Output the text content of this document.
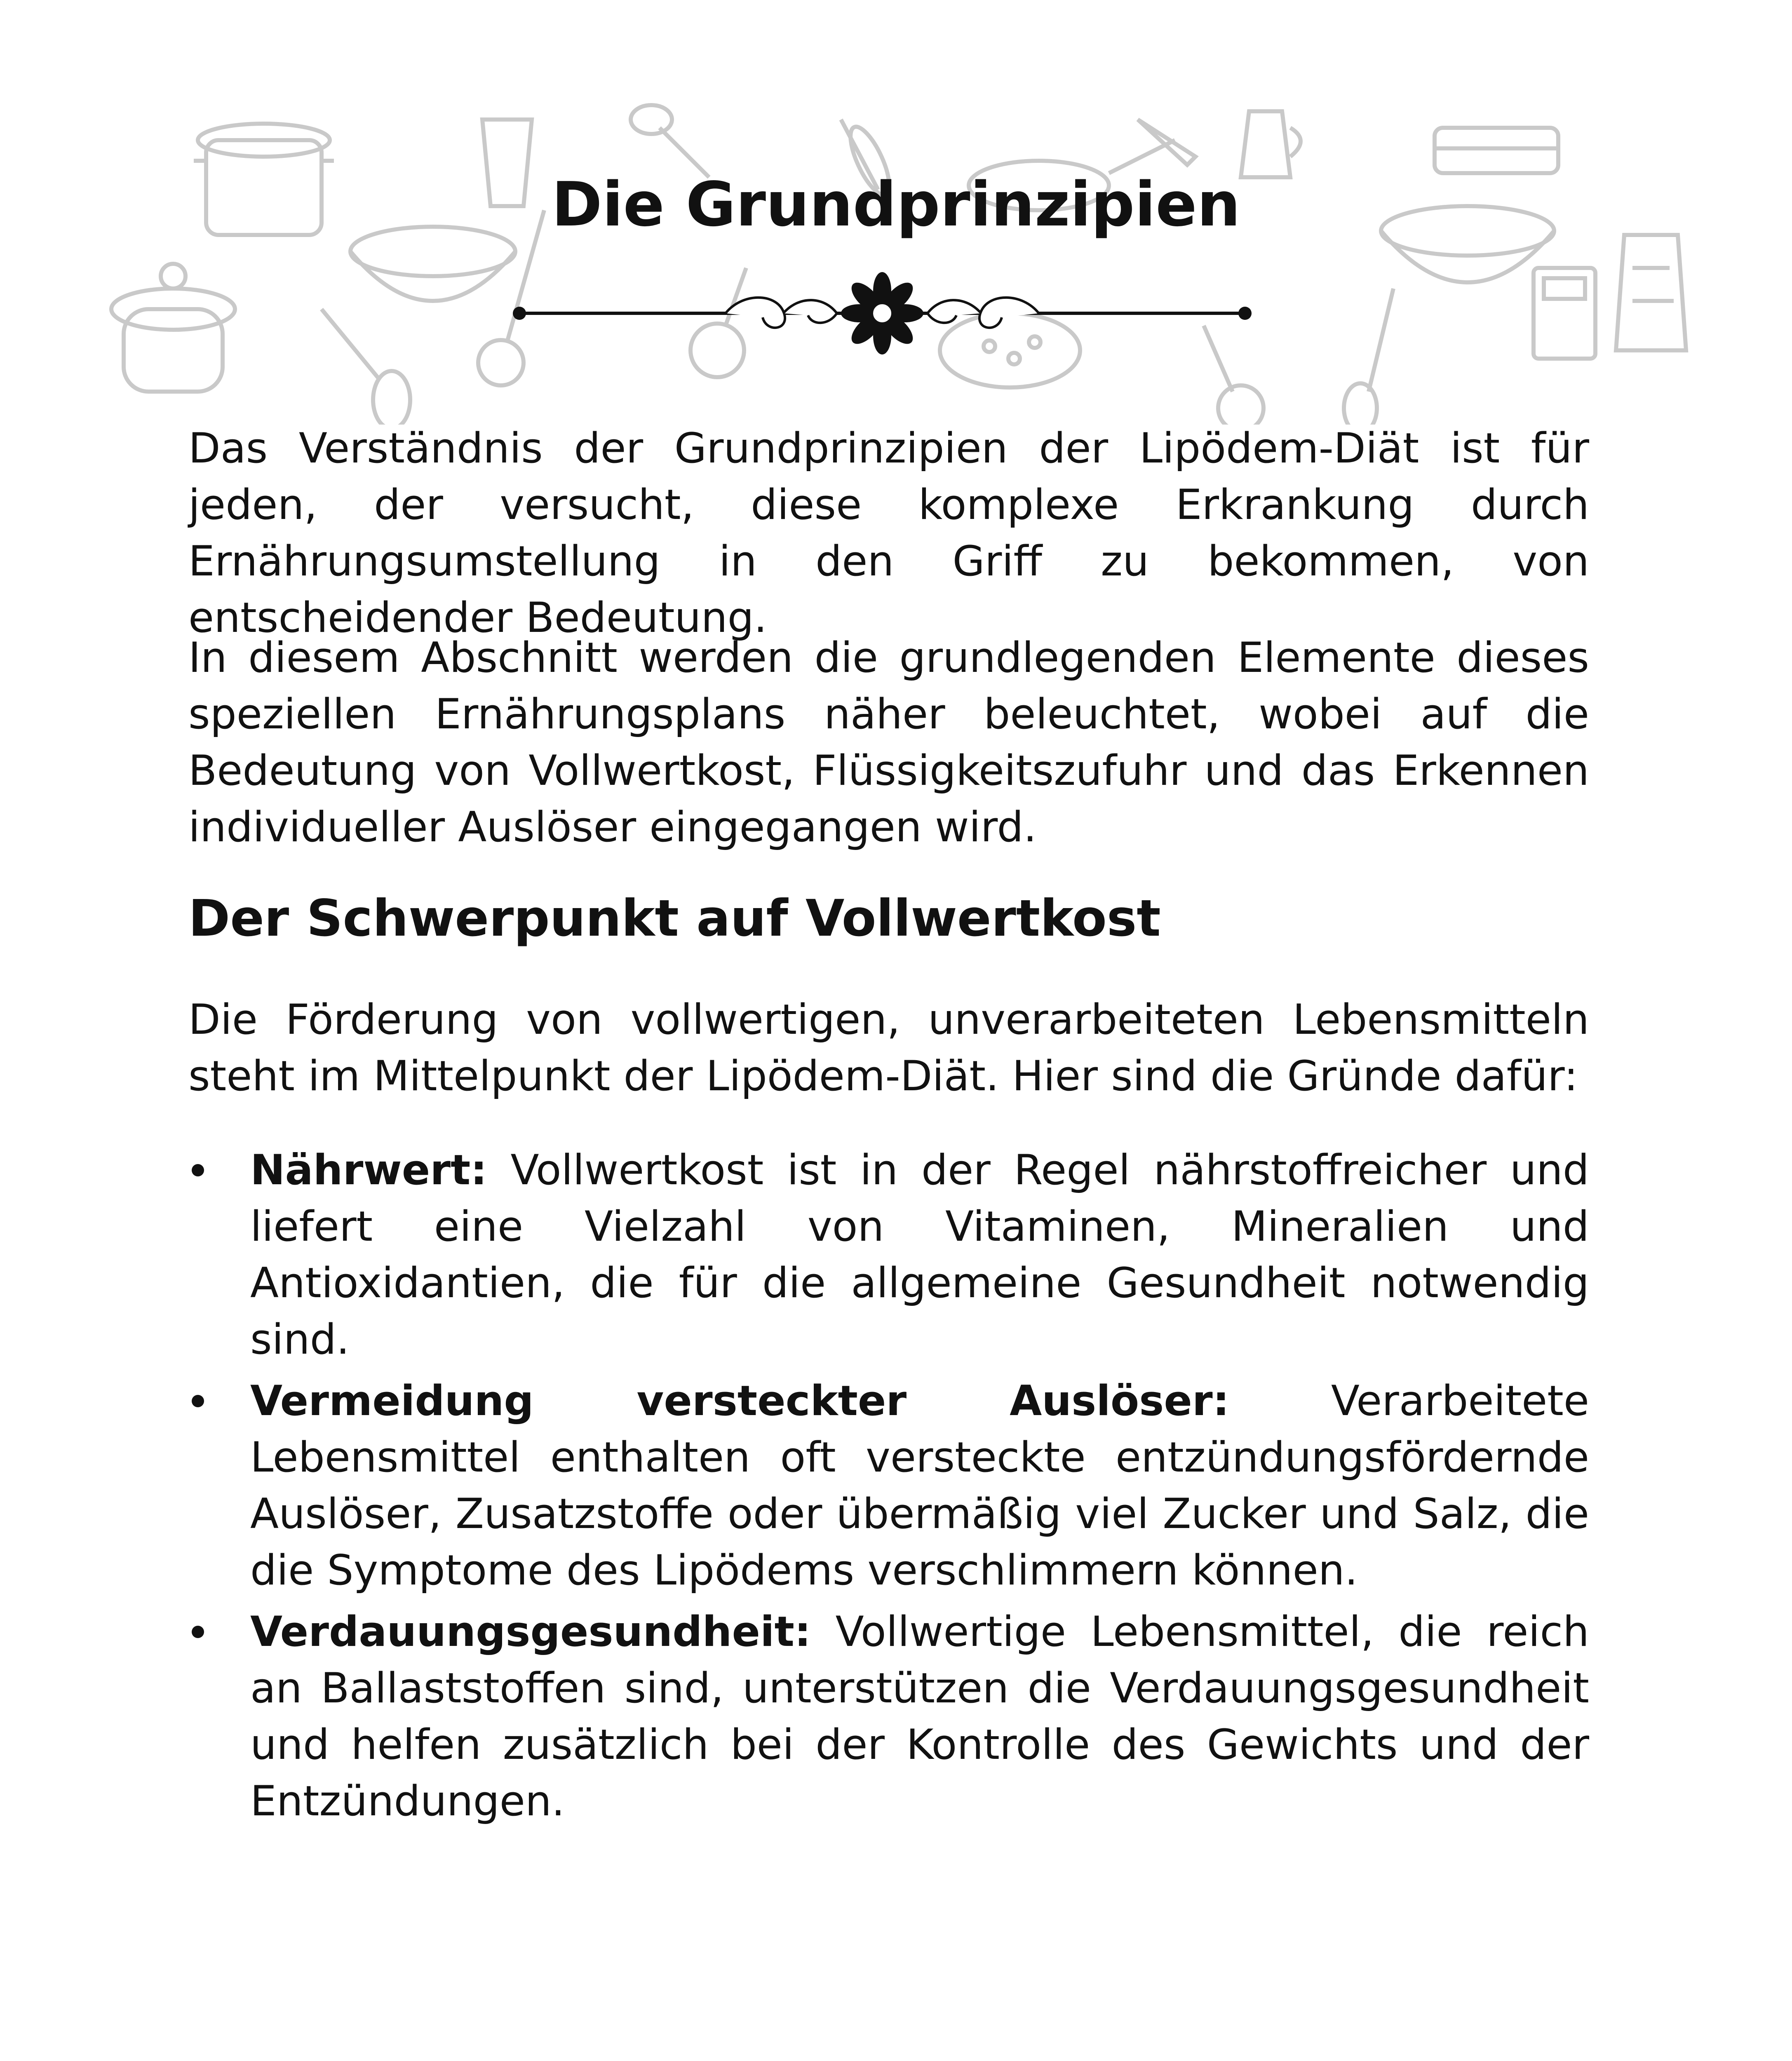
Die Grundprinzipien

Das Verständnis der Grundprinzipien der Lipödem-Diät ist für jeden, der versucht, diese komplexe Erkrankung durch Ernährungsumstellung in den Griff zu bekommen, von entscheidender Bedeutung.

In diesem Abschnitt werden die grundlegenden Elemente dieses speziellen Ernährungsplans näher beleuchtet, wobei auf die Bedeutung von Vollwertkost, Flüssigkeitszufuhr und das Erkennen individueller Auslöser eingegangen wird.

Der Schwerpunkt auf Vollwertkost

Die Förderung von vollwertigen, unverarbeiteten Lebensmitteln steht im Mittelpunkt der Lipödem-Diät. Hier sind die Gründe dafür:

Nährwert: Vollwertkost ist in der Regel nährstoffreicher und liefert eine Vielzahl von Vitaminen, Mineralien und Antioxidantien, die für die allgemeine Gesundheit notwendig sind.

Vermeidung versteckter Auslöser: Verarbeitete Lebensmittel enthalten oft versteckte entzündungsfördernde Auslöser, Zusatzstoffe oder übermäßig viel Zucker und Salz, die die Symptome des Lipödems verschlimmern können.

Verdauungsgesundheit: Vollwertige Lebensmittel, die reich an Ballaststoffen sind, unterstützen die Verdauungsgesundheit und helfen zusätzlich bei der Kontrolle des Gewichts und der Entzündungen.
